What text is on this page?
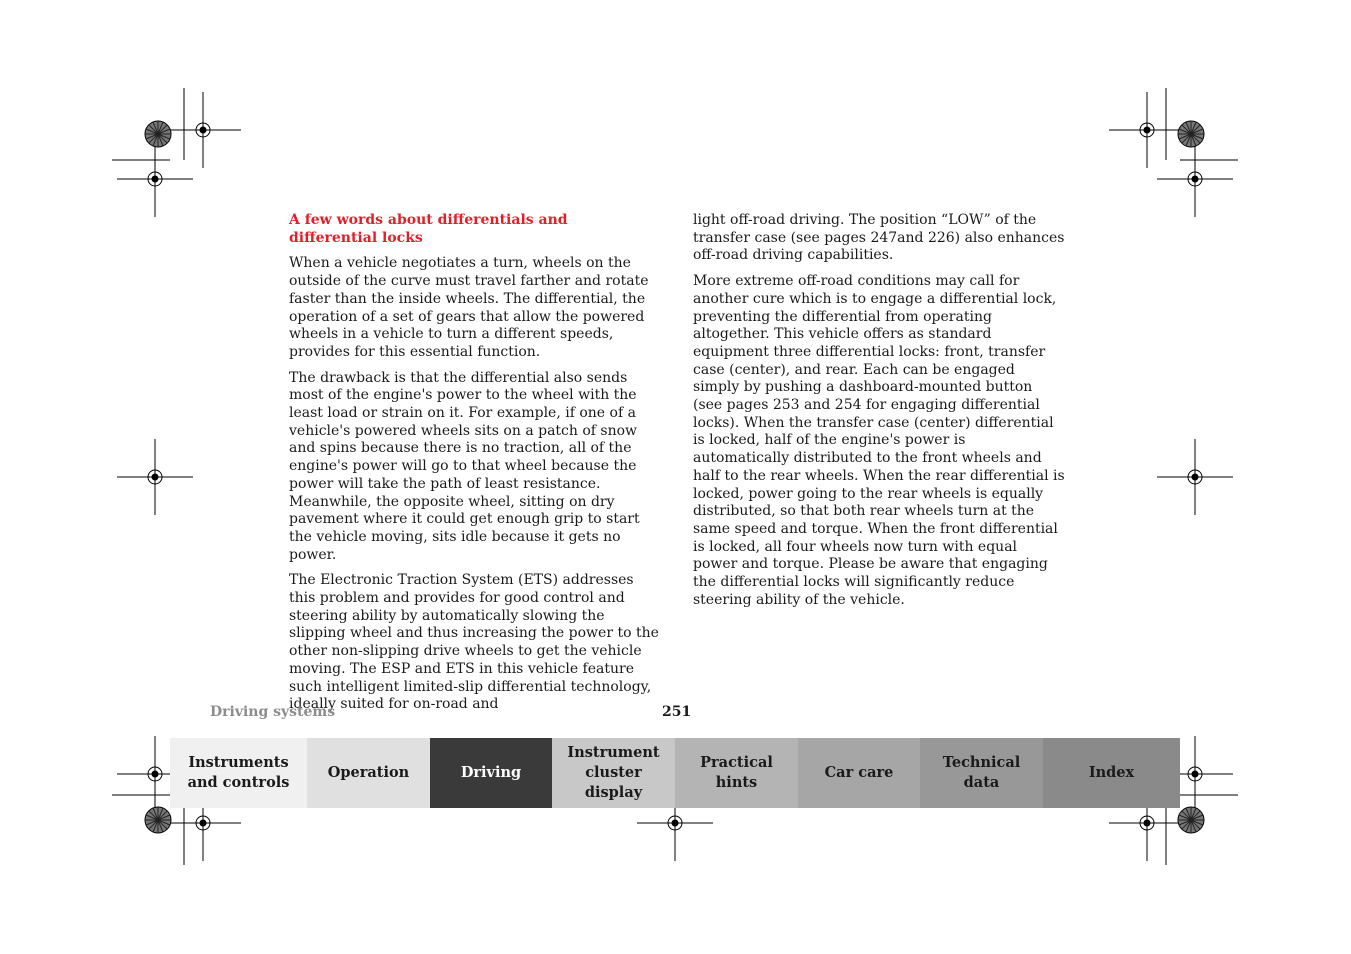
A few words about differentials and differential locks

When a vehicle negotiates a turn, wheels on the outside of the curve must travel farther and rotate faster than the inside wheels. The differential, the operation of a set of gears that allow the powered wheels in a vehicle to turn a different speeds, provides for this essential function.

The drawback is that the differential also sends most of the engine's power to the wheel with the least load or strain on it. For example, if one of a vehicle's powered wheels sits on a patch of snow and spins because there is no traction, all of the engine's power will go to that wheel because the power will take the path of least resistance. Meanwhile, the opposite wheel, sitting on dry pavement where it could get enough grip to start the vehicle moving, sits idle because it gets no power.

The Electronic Traction System (ETS) addresses this problem and provides for good control and steering ability by automatically slowing the slipping wheel and thus increasing the power to the other non-slipping drive wheels to get the vehicle moving. The ESP and ETS in this vehicle feature such intelligent limited-slip differential technology, ideally suited for on-road and

light off-road driving. The position “LOW” of the transfer case (see pages 247and 226) also enhances off-road driving capabilities.

More extreme off-road conditions may call for another cure which is to engage a differential lock, preventing the differential from operating altogether. This vehicle offers as standard equipment three differential locks: front, transfer case (center), and rear. Each can be engaged simply by pushing a dashboard-mounted button (see pages 253 and 254 for engaging differential locks). When the transfer case (center) differential is locked, half of the engine's power is automatically distributed to the front wheels and half to the rear wheels. When the rear differential is locked, power going to the rear wheels is equally distributed, so that both rear wheels turn at the same speed and torque. When the front differential is locked, all four wheels now turn with equal power and torque. Please be aware that engaging the differential locks will significantly reduce steering ability of the vehicle.

Driving systems	251
Instruments
and controls
Operation	Driving
Instrument
cluster display
Practical hints
Car care
Technical
data
Index
